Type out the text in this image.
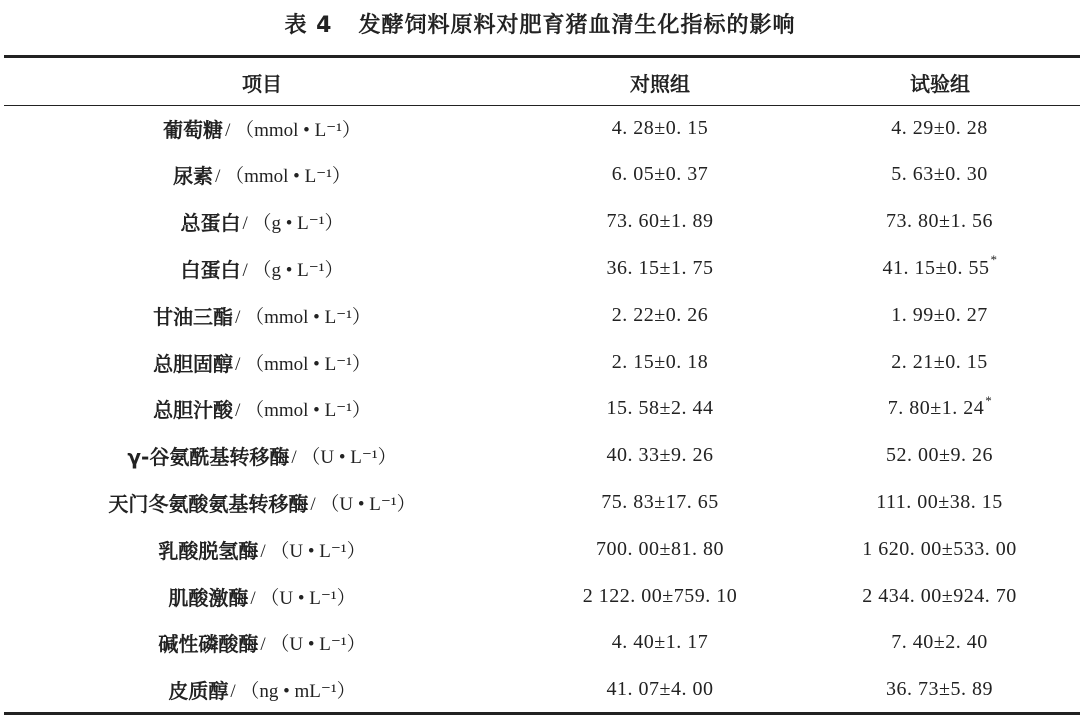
表 4 发酵饲料原料对肥育猪血清生化指标的影响
项目	对照组	试验组
葡萄糖 / （mmol • L⁻¹）	4. 28±0. 15	4. 29±0. 28
尿素 / （mmol • L⁻¹）	6. 05±0. 37	5. 63±0. 30
总蛋白 / （g • L⁻¹）	73. 60±1. 89	73. 80±1. 56
白蛋白 / （g • L⁻¹）	36. 15±1. 75	41. 15±0. 55 *
甘油三酯 / （mmol • L⁻¹）	2. 22±0. 26	1. 99±0. 27
总胆固醇 / （mmol • L⁻¹）	2. 15±0. 18	2. 21±0. 15
总胆汁酸 / （mmol • L⁻¹）	15. 58±2. 44	7. 80±1. 24 *
γ-谷氨酰基转移酶 / （U • L⁻¹）	40. 33±9. 26	52. 00±9. 26
天门冬氨酸氨基转移酶 / （U • L⁻¹）	75. 83±17. 65	111. 00±38. 15
乳酸脱氢酶 / （U • L⁻¹）	700. 00±81. 80	1 620. 00±533. 00
肌酸激酶 / （U • L⁻¹）	2 122. 00±759. 10	2 434. 00±924. 70
碱性磷酸酶 / （U • L⁻¹）	4. 40±1. 17	7. 40±2. 40
皮质醇 / （ng • mL⁻¹）	41. 07±4. 00	36. 73±5. 89
